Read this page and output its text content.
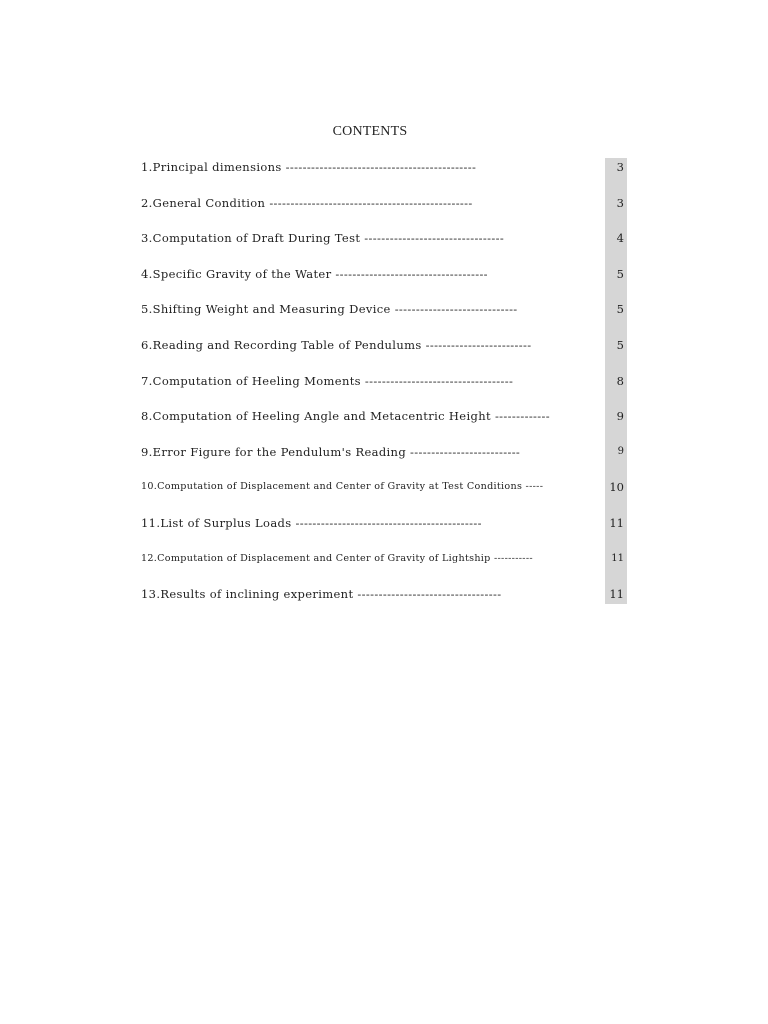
CONTENTS
1.Principal dimensions ---------------------------------------------	3
2.General Condition ------------------------------------------------	3
3.Computation of Draft During Test ---------------------------------	4
4.Specific Gravity of the Water ------------------------------------	5
5.Shifting Weight and Measuring Device -----------------------------	5
6.Reading and Recording Table of Pendulums -------------------------	5
7.Computation of Heeling Moments -----------------------------------	8
8.Computation of Heeling Angle and Metacentric Height -------------	9
9.Error Figure for the Pendulum's Reading --------------------------	9
10.Computation of Displacement and Center of Gravity at Test Conditions -----	10
11.List of Surplus Loads --------------------------------------------	11
12.Computation of Displacement and Center of Gravity of Lightship -----------	11
13.Results of inclining experiment ----------------------------------	11
